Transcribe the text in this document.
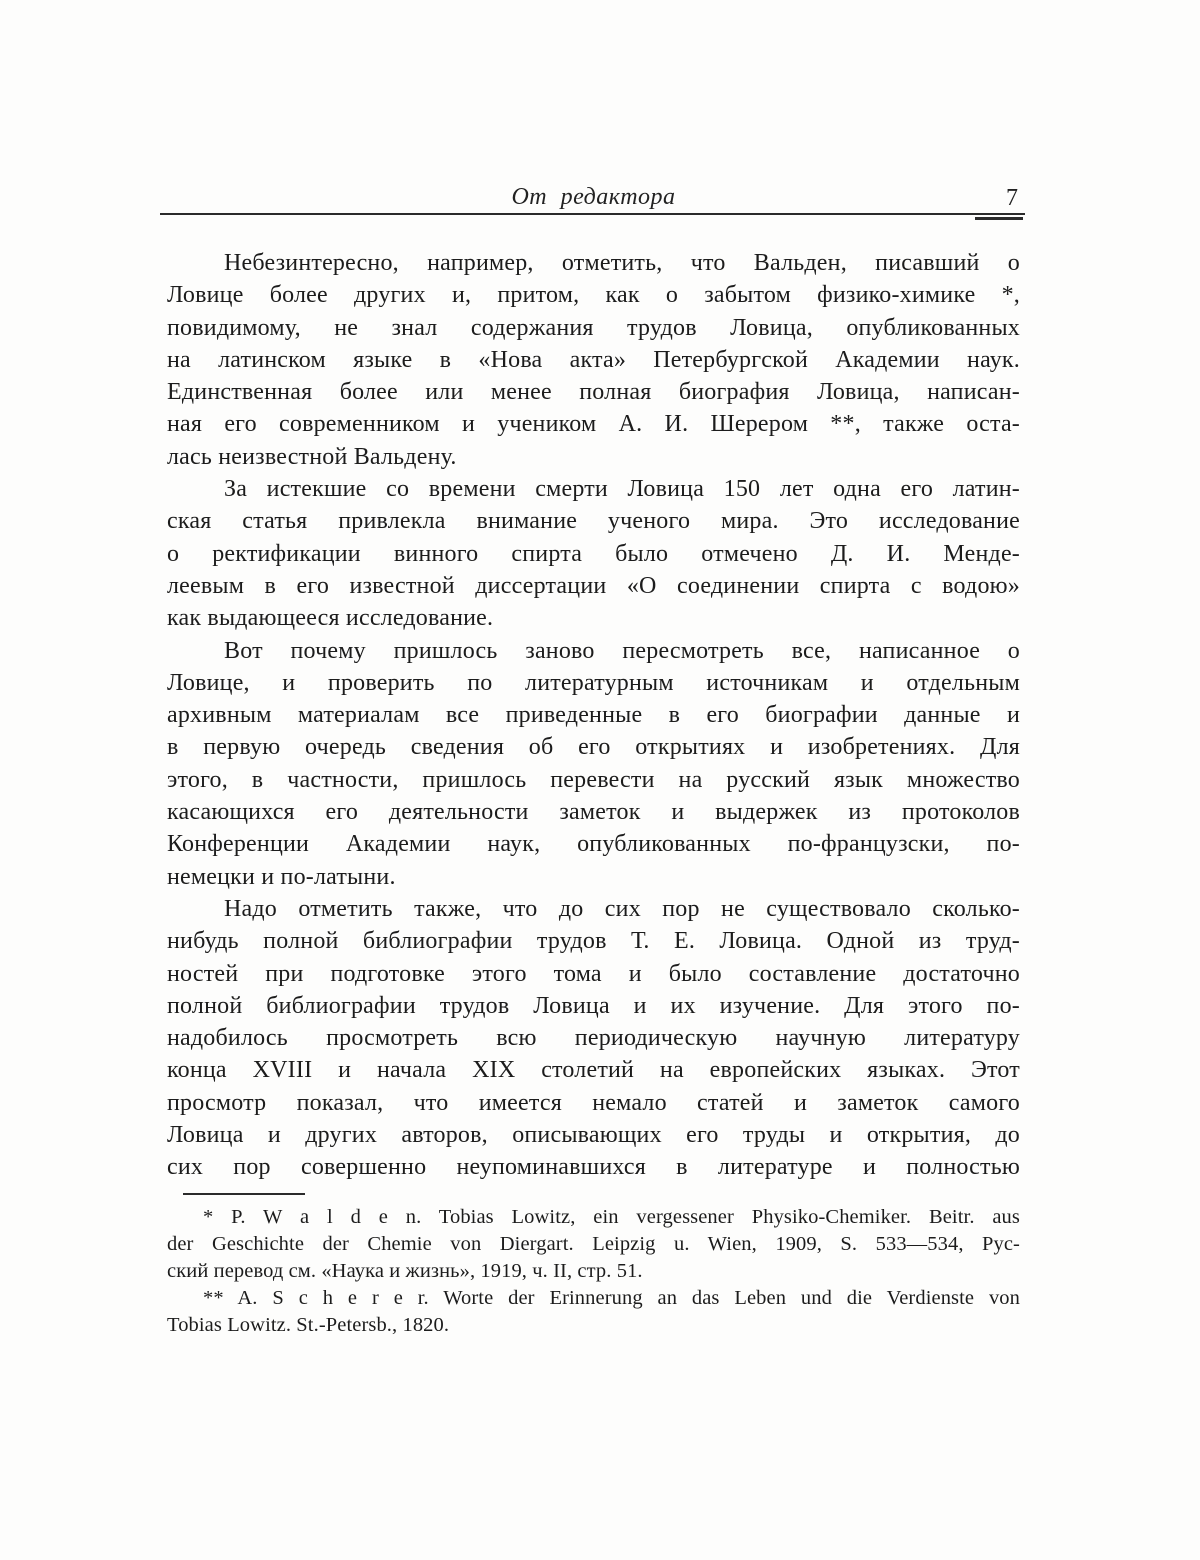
От редактора	7
Небезинтересно, например, отметить, что Вальден, писавший о
Ловице более других и, притом, как о забытом физико-химике *,
повидимому, не знал содержания трудов Ловица, опубликованных
на латинском языке в «Нова акта» Петербургской Академии наук.
Единственная более или менее полная биография Ловица, написан-
ная его современником и учеником А. И. Шерером **, также оста-
лась неизвестной Вальдену.
За истекшие со времени смерти Ловица 150 лет одна его латин-
ская статья привлекла внимание ученого мира. Это исследование
о ректификации винного спирта было отмечено Д. И. Менде-
леевым в его известной диссертации «О соединении спирта с водою»
как выдающееся исследование.
Вот почему пришлось заново пересмотреть все, написанное о
Ловице, и проверить по литературным источникам и отдельным
архивным материалам все приведенные в его биографии данные и
в первую очередь сведения об его открытиях и изобретениях. Для
этого, в частности, пришлось перевести на русский язык множество
касающихся его деятельности заметок и выдержек из протоколов
Конференции Академии наук, опубликованных по-французски, по-
немецки и по-латыни.
Надо отметить также, что до сих пор не существовало сколько-
нибудь полной библиографии трудов Т. Е. Ловица. Одной из труд-
ностей при подготовке этого тома и было составление достаточно
полной библиографии трудов Ловица и их изучение. Для этого по-
надобилось просмотреть всю периодическую научную литературу
конца XVIII и начала XIX столетий на европейских языках. Этот
просмотр показал, что имеется немало статей и заметок самого
Ловица и других авторов, описывающих его труды и открытия, до
сих пор совершенно неупоминавшихся в литературе и полностью
* P. W a l d e n. Tobias Lowitz, ein vergessener Physiko-Chemiker. Beitr. aus
der Geschichte der Chemie von Diergart. Leipzig u. Wien, 1909, S. 533—534, Рус-
ский перевод см. «Наука и жизнь», 1919, ч. II, стр. 51.
** A. S c h e r e r. Worte der Erinnerung an das Leben und die Verdienste von
Tobias Lowitz. St.-Petersb., 1820.
